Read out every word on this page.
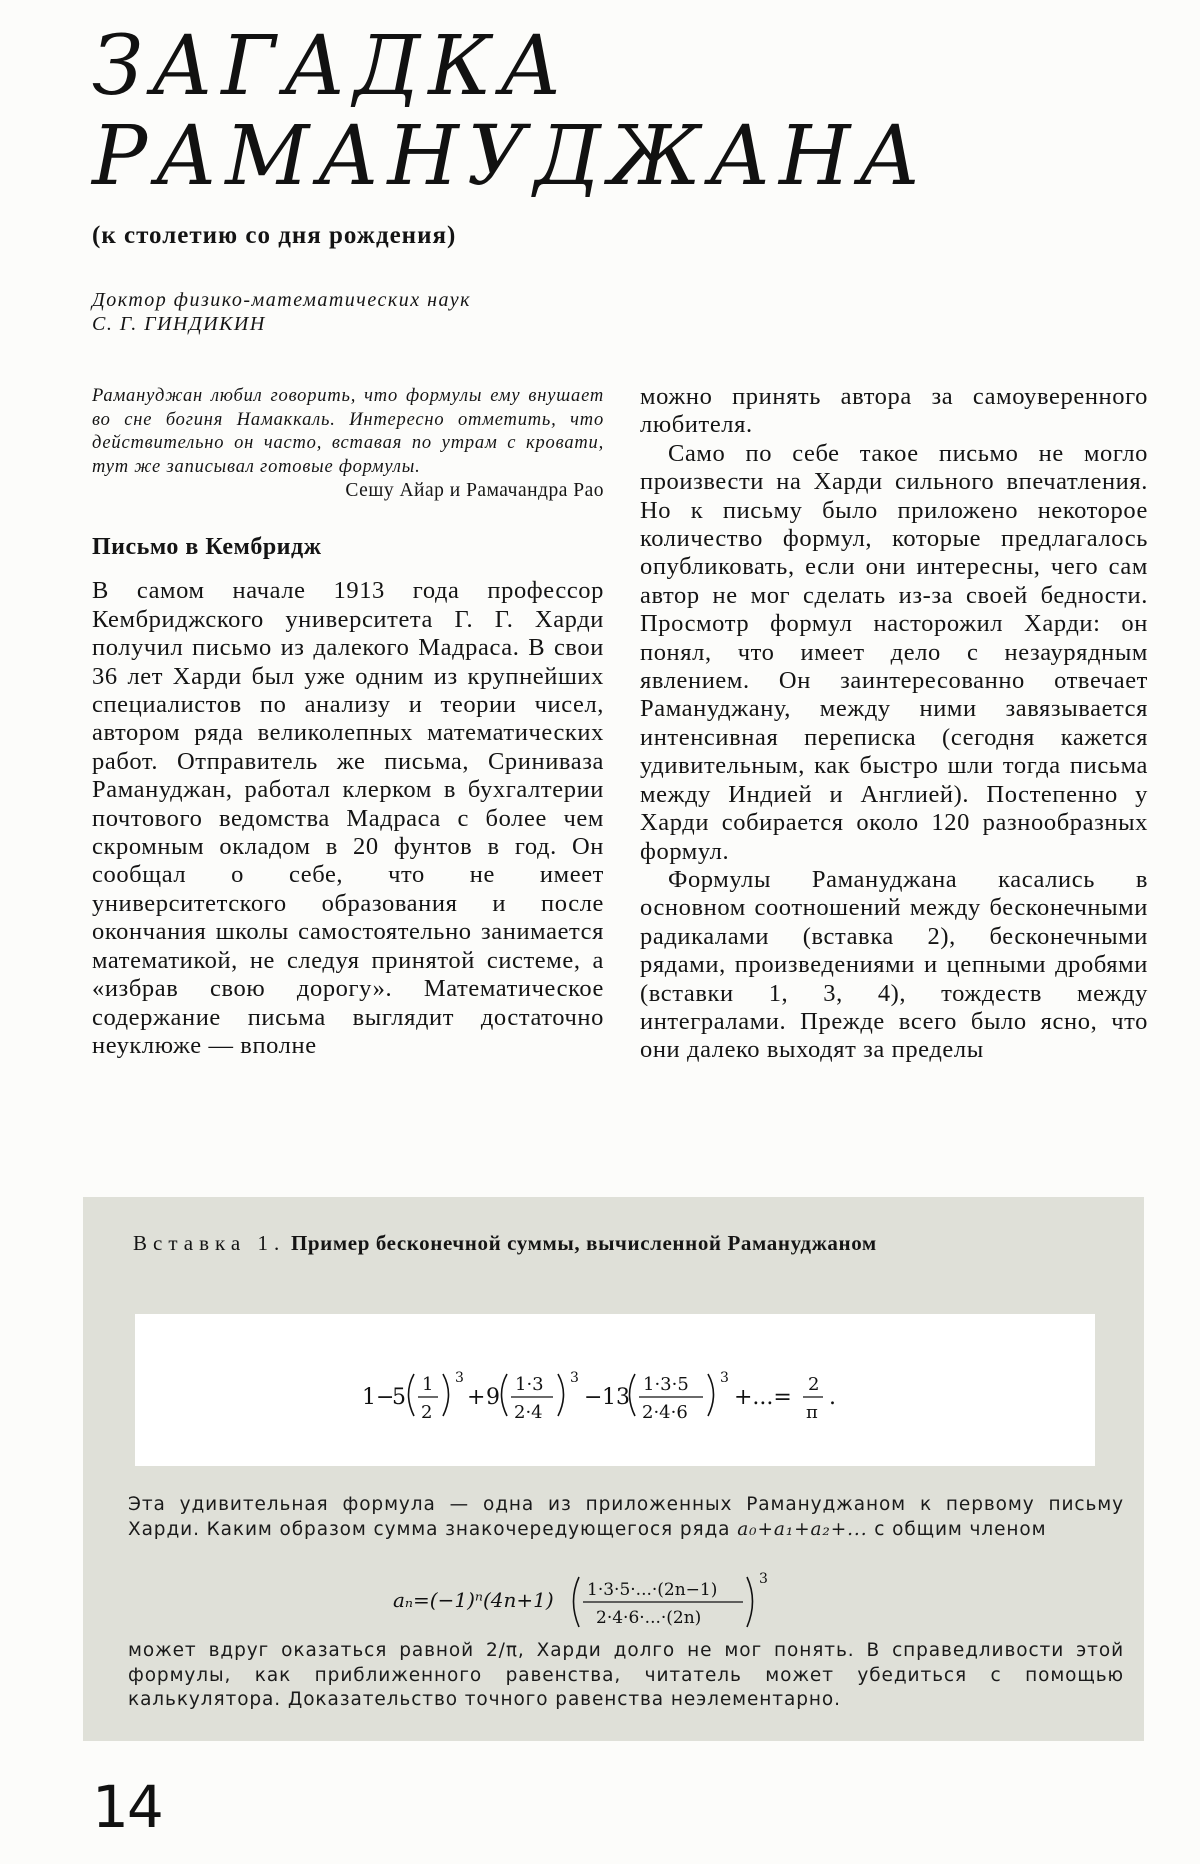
ЗАГАДКА
РАМАНУДЖАНА
(к столетию со дня рождения)
Доктор физико-математических наук
С. Г. ГИНДИКИН

Рамануджан любил говорить, что формулы ему внушает во сне богиня Намаккаль. Интересно отметить, что действительно он часто, вставая по утрам с кровати, тут же записывал готовые формулы.

Сешу Айар и Рамачандра Рао

Письмо в Кембридж

В самом начале 1913 года профессор Кембриджского университета Г. Г. Харди получил письмо из далекого Мадраса. В свои 36 лет Харди был уже одним из крупнейших специалистов по анализу и теории чисел, автором ряда великолепных математических работ. Отправитель же письма, Сриниваза Рамануджан, работал клерком в бухгалтерии почтового ведомства Мадраса с более чем скромным окладом в 20 фунтов в год. Он сообщал о себе, что не имеет университетского образования и после окончания школы самостоятельно занимается математикой, не следуя принятой системе, а «избрав свою дорогу». Математическое содержание письма выглядит достаточно неуклюже — вполне

можно принять автора за самоуверенного любителя.

Само по себе такое письмо не могло произвести на Харди сильного впечатления. Но к письму было приложено некоторое количество формул, которые предлагалось опубликовать, если они интересны, чего сам автор не мог сделать из-за своей бедности. Просмотр формул насторожил Харди: он понял, что имеет дело с незаурядным явлением. Он заинтересованно отвечает Рамануджану, между ними завязывается интенсивная переписка (сегодня кажется удивительным, как быстро шли тогда письма между Индией и Англией). Постепенно у Харди собирается около 120 разнообразных формул.

Формулы Рамануджана касались в основном соотношений между бесконечными радикалами (вставка 2), бесконечными рядами, произведениями и цепными дробями (вставки 1, 3, 4), тождеств между интегралами. Прежде всего было ясно, что они далеко выходят за пределы

Вставка 1. Пример бесконечной суммы, вычисленной Рамануджаном
1 −
5
1
2
3
+ 9
1·3
2·4
3
− 13
1·3·5
2·4·6
3
+...=
2
π
.
Эта удивительная формула — одна из приложенных Рамануджаном к первому письму Харди. Каким образом сумма знакочередующегося ряда a₀+a₁+a₂+... с общим членом
aₙ=(−1)ⁿ(4n+1) 1·3·5·...·(2n−1)
2·4·6·...·(2n)
3
может вдруг оказаться равной 2/π, Харди долго не мог понять. В справедливости этой формулы, как приближенного равенства, читатель может убедиться с помощью калькулятора. Доказательство точного равенства неэлементарно.
14
